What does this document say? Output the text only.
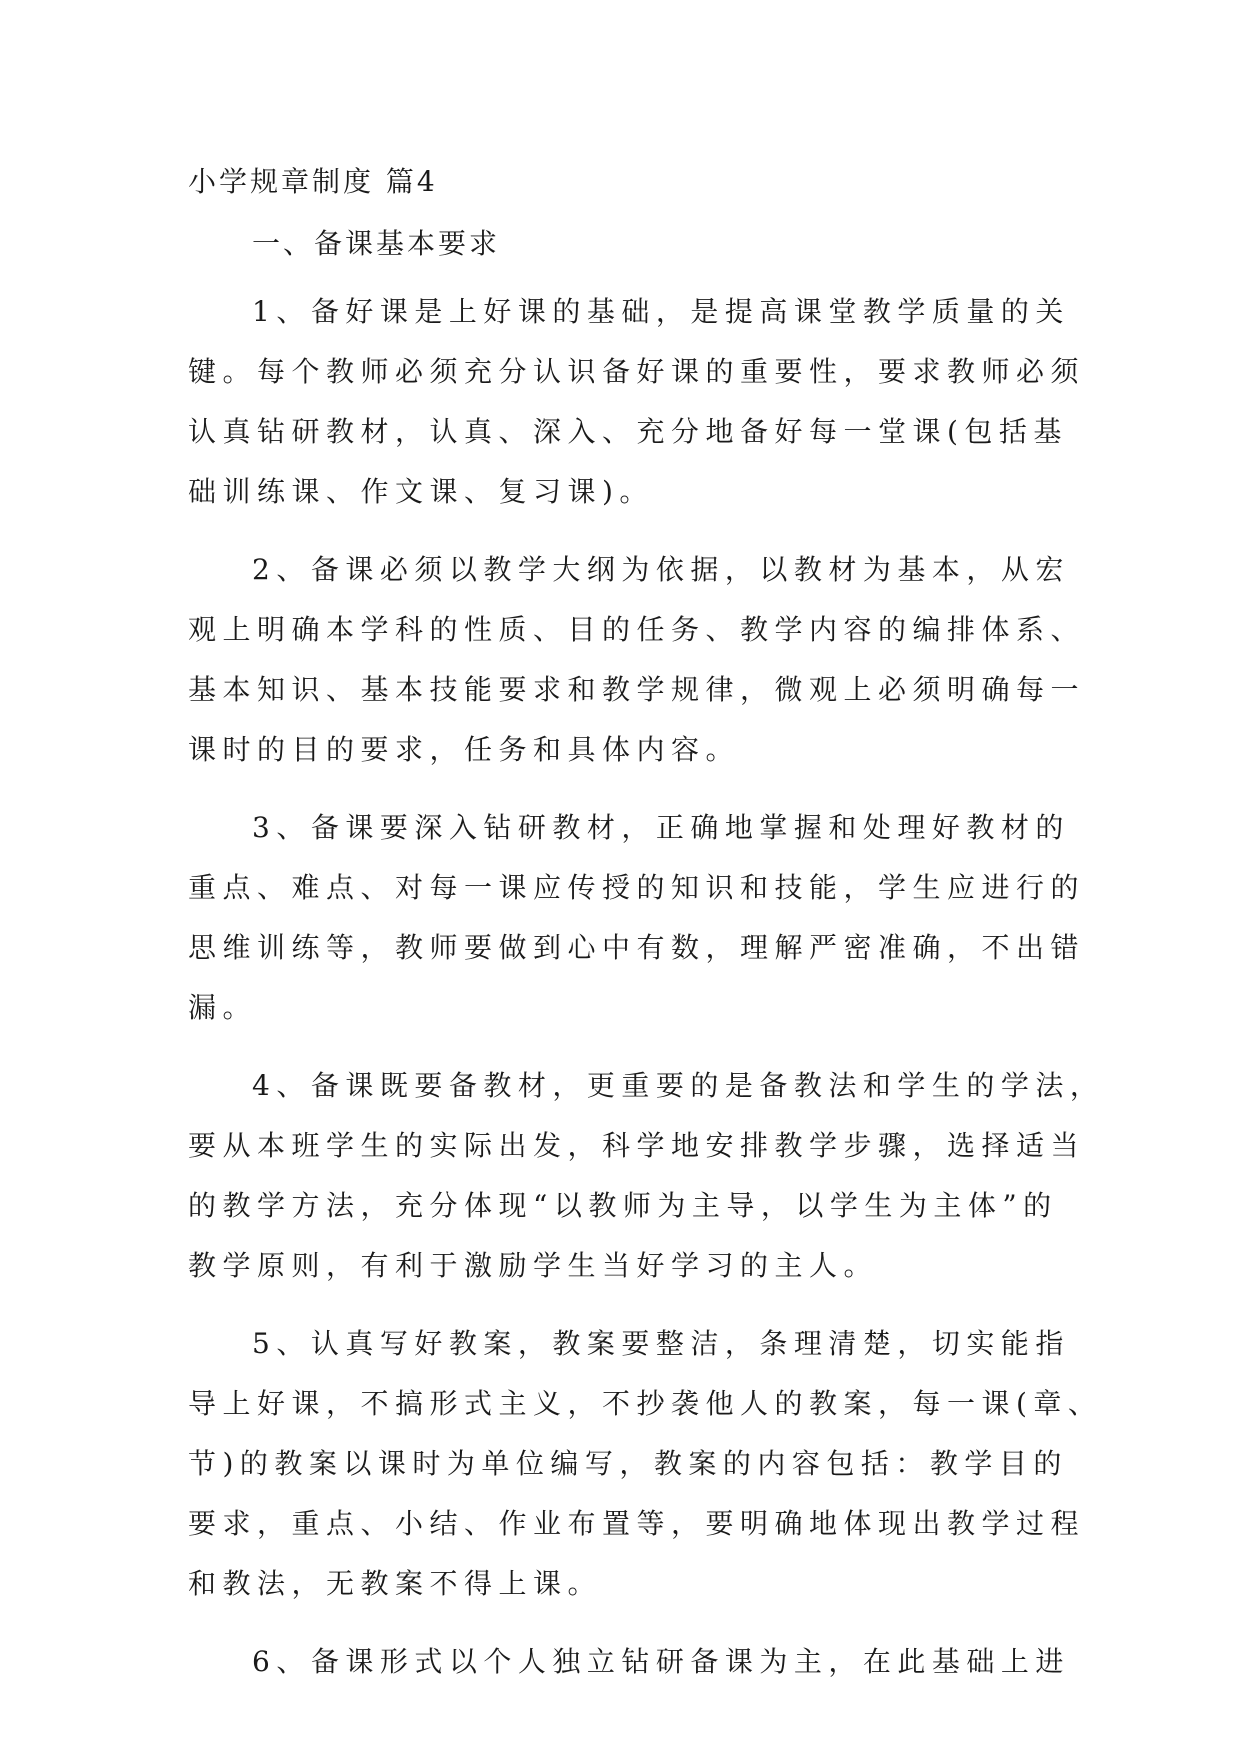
小学规章制度 篇4
一、备课基本要求
1、备好课是上好课的基础，是提高课堂教学质量的关
键。每个教师必须充分认识备好课的重要性，要求教师必须
认真钻研教材，认真、深入、充分地备好每一堂课(包括基
础训练课、作文课、复习课)。
2、备课必须以教学大纲为依据，以教材为基本，从宏
观上明确本学科的性质、目的任务、教学内容的编排体系、
基本知识、基本技能要求和教学规律，微观上必须明确每一
课时的目的要求，任务和具体内容。
3、备课要深入钻研教材，正确地掌握和处理好教材的
重点、难点、对每一课应传授的知识和技能，学生应进行的
思维训练等，教师要做到心中有数，理解严密准确，不出错
漏。
4、备课既要备教材，更重要的是备教法和学生的学法，
要从本班学生的实际出发，科学地安排教学步骤，选择适当
的教学方法，充分体现“以教师为主导，以学生为主体”的
教学原则，有利于激励学生当好学习的主人。
5、认真写好教案，教案要整洁，条理清楚，切实能指
导上好课，不搞形式主义，不抄袭他人的教案，每一课(章、
节)的教案以课时为单位编写，教案的内容包括：教学目的
要求，重点、小结、作业布置等，要明确地体现出教学过程
和教法，无教案不得上课。
6、备课形式以个人独立钻研备课为主，在此基础上进
